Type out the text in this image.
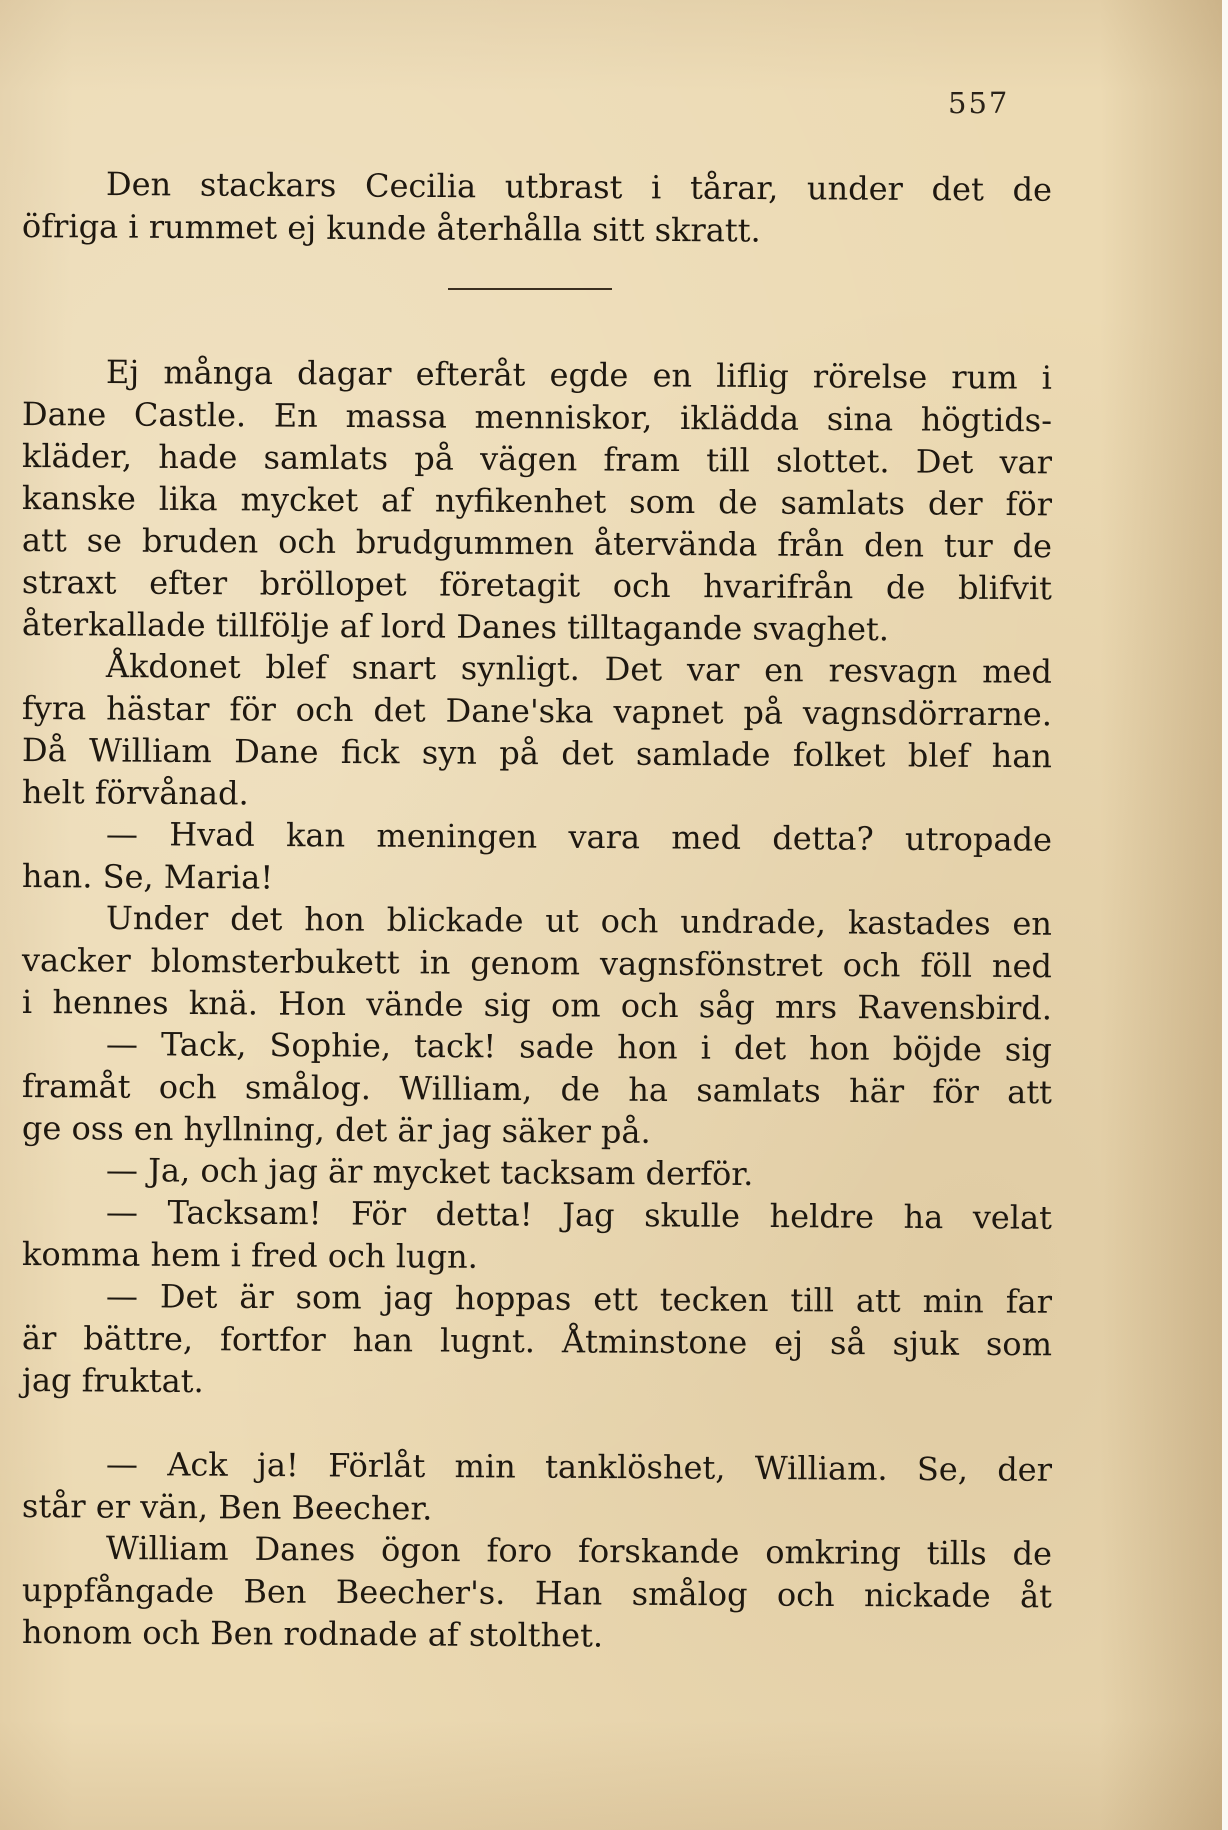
557
Den stackars Cecilia utbrast i tårar, under det de
öfriga i rummet ej kunde återhålla sitt skratt.
Ej många dagar efteråt egde en liflig rörelse rum i
Dane Castle. En massa menniskor, iklädda sina högtids-
kläder, hade samlats på vägen fram till slottet. Det var
kanske lika mycket af nyfikenhet som de samlats der för
att se bruden och brudgummen återvända från den tur de
straxt efter bröllopet företagit och hvarifrån de blifvit
återkallade tillfölje af lord Danes tilltagande svaghet.
Åkdonet blef snart synligt. Det var en resvagn med
fyra hästar för och det Dane'ska vapnet på vagnsdörrarne.
Då William Dane fick syn på det samlade folket blef han
helt förvånad.
— Hvad kan meningen vara med detta? utropade
han. Se, Maria!
Under det hon blickade ut och undrade, kastades en
vacker blomsterbukett in genom vagnsfönstret och föll ned
i hennes knä. Hon vände sig om och såg mrs Ravensbird.
— Tack, Sophie, tack! sade hon i det hon böjde sig
framåt och smålog. William, de ha samlats här för att
ge oss en hyllning, det är jag säker på.
— Ja, och jag är mycket tacksam derför.
— Tacksam! För detta! Jag skulle heldre ha velat
komma hem i fred och lugn.
— Det är som jag hoppas ett tecken till att min far
är bättre, fortfor han lugnt. Åtminstone ej så sjuk som
jag fruktat.
— Ack ja! Förlåt min tanklöshet, William. Se, der
står er vän, Ben Beecher.
William Danes ögon foro forskande omkring tills de
uppfångade Ben Beecher's. Han smålog och nickade åt
honom och Ben rodnade af stolthet.
